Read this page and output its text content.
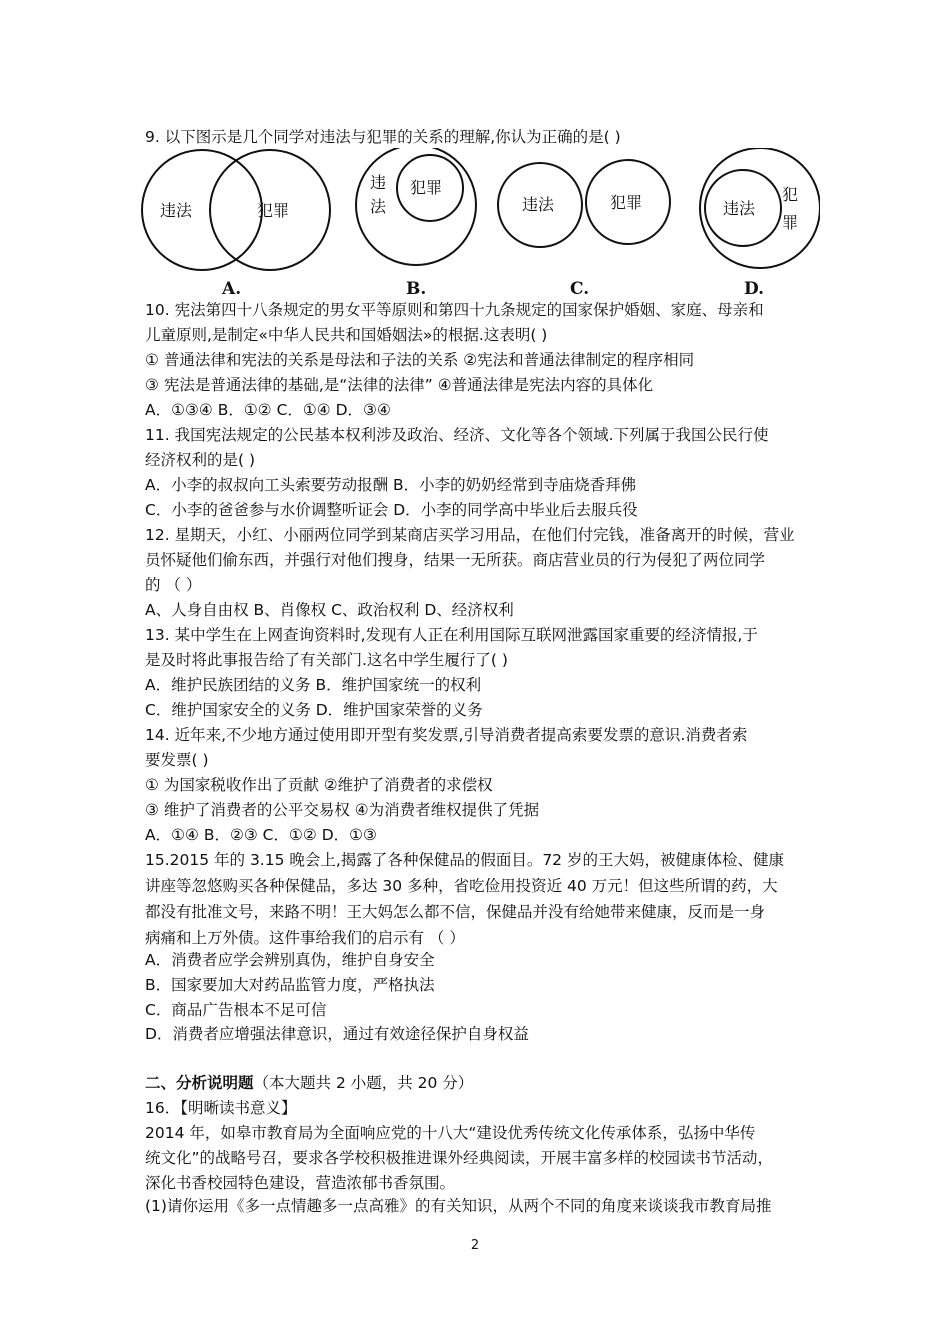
9. 以下图示是几个同学对违法与犯罪的关系的理解,你认为正确的是( )
违法	犯罪
A.
违
法
犯罪
B.
违法	犯罪
C.
违法
犯
罪
D.
10. 宪法第四十八条规定的男女平等原则和第四十九条规定的国家保护婚姻、家庭、母亲和
儿童原则,是制定«中华人民共和国婚姻法»的根据.这表明( )
① 普通法律和宪法的关系是母法和子法的关系 ②宪法和普通法律制定的程序相同
③ 宪法是普通法律的基础,是“法律的法律” ④普通法律是宪法内容的具体化
A．①③④ B．①② C．①④ D．③④
11. 我国宪法规定的公民基本权利涉及政治、经济、文化等各个领域.下列属于我国公民行使
经济权利的是( )
A．小李的叔叔向工头索要劳动报酬 B．小李的奶奶经常到寺庙烧香拜佛
C．小李的爸爸参与水价调整听证会 D．小李的同学高中毕业后去服兵役
12. 星期天，小红、小丽两位同学到某商店买学习用品，在他们付完钱，准备离开的时候，营业
员怀疑他们偷东西，并强行对他们搜身，结果一无所获。商店营业员的行为侵犯了两位同学
的 （ ）
A、人身自由权 B、肖像权 C、政治权利 D、经济权利
13. 某中学生在上网查询资料时,发现有人正在利用国际互联网泄露国家重要的经济情报,于
是及时将此事报告给了有关部门.这名中学生履行了( )
A．维护民族团结的义务 B．维护国家统一的权利
C．维护国家安全的义务 D．维护国家荣誉的义务
14. 近年来,不少地方通过使用即开型有奖发票,引导消费者提高索要发票的意识.消费者索
要发票( )
① 为国家税收作出了贡献 ②维护了消费者的求偿权
③ 维护了消费者的公平交易权 ④为消费者维权提供了凭据
A．①④ B．②③ C．①② D．①③
15.2015 年的 3.15 晚会上,揭露了各种保健品的假面目。72 岁的王大妈，被健康体检、健康
讲座等忽悠购买各种保健品，多达 30 多种，省吃俭用投资近 40 万元！但这些所谓的药，大
都没有批准文号，来路不明！王大妈怎么都不信，保健品并没有给她带来健康，反而是一身
病痛和上万外债。这件事给我们的启示有 （ ）
A．消费者应学会辨别真伪，维护自身安全
B．国家要加大对药品监管力度，严格执法
C．商品广告根本不足可信
D．消费者应增强法律意识，通过有效途径保护自身权益
二、分析说明题（本大题共 2 小题，共 20 分）
16．【明晰读书意义】
2014 年，如皋市教育局为全面响应党的十八大“建设优秀传统文化传承体系，弘扬中华传
统文化”的战略号召，要求各学校积极推进课外经典阅读，开展丰富多样的校园读书节活动，
深化书香校园特色建设，营造浓郁书香氛围。
(1)请你运用《多一点情趣多一点高雅》的有关知识，从两个不同的角度来谈谈我市教育局推
2
